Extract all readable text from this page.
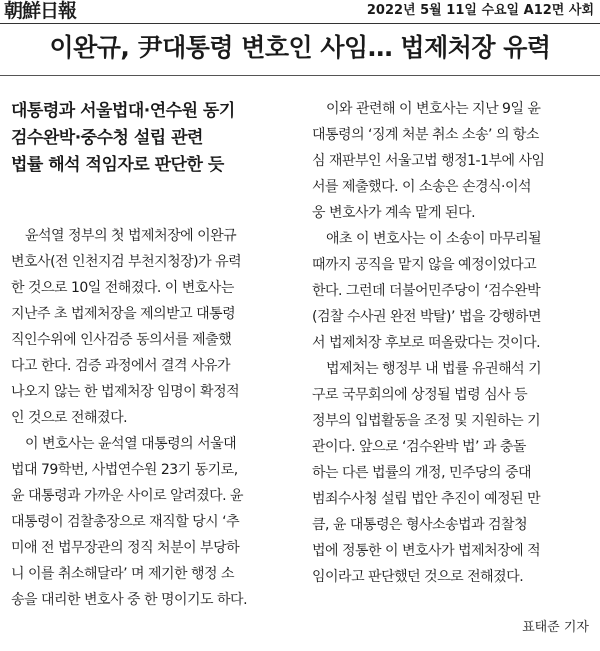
朝鮮日報	2022년 5월 11일 수요일 A12면 사회
이완규, 尹대통령 변호인 사임… 법제처장 유력
대통령과 서울법대·연수원 동기
검수완박·중수청 설립 관련
법률 해석 적임자로 판단한 듯

윤석열 정부의 첫 법제처장에 이완규
변호사(전 인천지검 부천지청장)가 유력
한 것으로 10일 전해졌다. 이 변호사는
지난주 초 법제처장을 제의받고 대통령
직인수위에 인사검증 동의서를 제출했
다고 한다. 검증 과정에서 결격 사유가
나오지 않는 한 법제처장 임명이 확정적
인 것으로 전해졌다.

이 변호사는 윤석열 대통령의 서울대
법대 79학번, 사법연수원 23기 동기로,
윤 대통령과 가까운 사이로 알려졌다. 윤
대통령이 검찰총장으로 재직할 당시 ‘추
미애 전 법무장관의 정직 처분이 부당하
니 이를 취소해달라’ 며 제기한 행정 소
송을 대리한 변호사 중 한 명이기도 하다.

이와 관련해 이 변호사는 지난 9일 윤
대통령의 ‘징계 처분 취소 소송’ 의 항소
심 재판부인 서울고법 행정1-1부에 사임
서를 제출했다. 이 소송은 손경식·이석
웅 변호사가 계속 맡게 된다.

애초 이 변호사는 이 소송이 마무리될
때까지 공직을 맡지 않을 예정이었다고
한다. 그런데 더불어민주당이 ‘검수완박
(검찰 수사권 완전 박탈)’ 법을 강행하면
서 법제처장 후보로 떠올랐다는 것이다.

법제처는 행정부 내 법률 유권해석 기
구로 국무회의에 상정될 법령 심사 등
정부의 입법활동을 조정 및 지원하는 기
관이다. 앞으로 ‘검수완박 법’ 과 충돌
하는 다른 법률의 개정, 민주당의 중대
범죄수사청 설립 법안 추진이 예정된 만
큼, 윤 대통령은 형사소송법과 검찰청
법에 정통한 이 변호사가 법제처장에 적
임이라고 판단했던 것으로 전해졌다.

표태준 기자
